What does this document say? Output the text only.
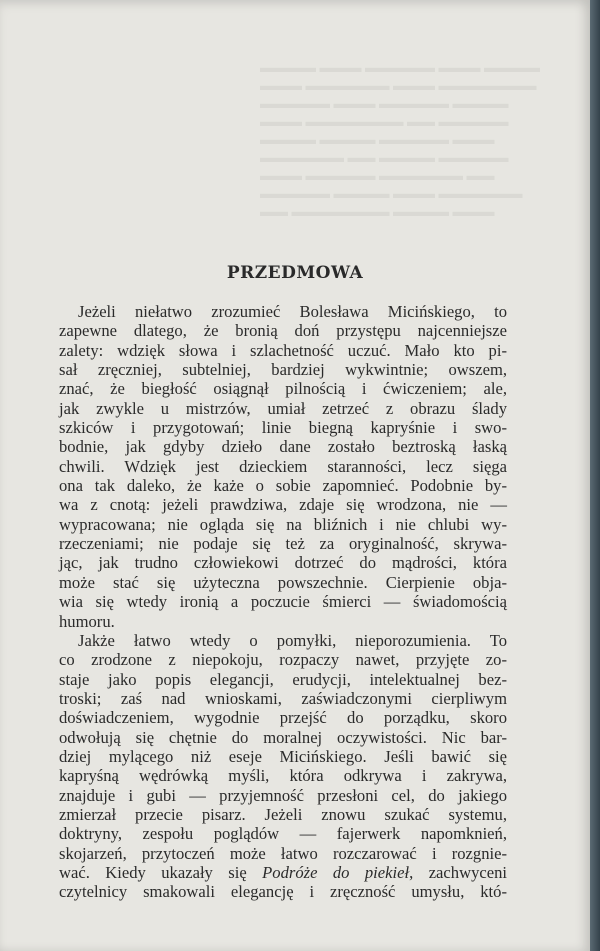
▬▬▬▬ ▬▬▬ ▬▬▬▬▬ ▬▬▬ ▬▬▬▬
▬▬▬ ▬▬▬▬▬▬ ▬▬▬ ▬▬▬▬▬▬▬
▬▬▬▬▬ ▬▬▬ ▬▬▬▬▬ ▬▬▬▬
▬▬▬ ▬▬▬▬▬▬▬ ▬▬ ▬▬▬▬▬
▬▬▬▬ ▬▬▬▬ ▬▬▬▬▬ ▬▬▬
▬▬▬▬▬▬ ▬▬ ▬▬▬▬ ▬▬▬▬▬
▬▬▬ ▬▬▬▬▬ ▬▬▬▬▬▬ ▬▬
▬▬▬▬▬ ▬▬▬▬ ▬▬▬ ▬▬▬▬▬▬
▬▬ ▬▬▬▬▬▬▬ ▬▬▬▬ ▬▬▬
PRZEDMOWA

Jeżeli niełatwo zrozumieć Bolesława Micińskiego, to

zapewne dlatego, że bronią doń przystępu najcenniejsze

zalety: wdzięk słowa i szlachetność uczuć. Mało kto pi-

sał zręczniej, subtelniej, bardziej wykwintnie; owszem,

znać, że biegłość osiągnął pilnością i ćwiczeniem; ale,

jak zwykle u mistrzów, umiał zetrzeć z obrazu ślady

szkiców i przygotowań; linie biegną kapryśnie i swo-

bodnie, jak gdyby dzieło dane zostało beztroską łaską

chwili. Wdzięk jest dzieckiem staranności, lecz sięga

ona tak daleko, że każe o sobie zapomnieć. Podobnie by-

wa z cnotą: jeżeli prawdziwa, zdaje się wrodzona, nie —

wypracowana; nie ogląda się na bliźnich i nie chlubi wy-

rzeczeniami; nie podaje się też za oryginalność, skrywa-

jąc, jak trudno człowiekowi dotrzeć do mądrości, która

może stać się użyteczna powszechnie. Cierpienie obja-

wia się wtedy ironią a poczucie śmierci — świadomością

humoru.

Jakże łatwo wtedy o pomyłki, nieporozumienia. To

co zrodzone z niepokoju, rozpaczy nawet, przyjęte zo-

staje jako popis elegancji, erudycji, intelektualnej bez-

troski; zaś nad wnioskami, zaświadczonymi cierpliwym

doświadczeniem, wygodnie przejść do porządku, skoro

odwołują się chętnie do moralnej oczywistości. Nic bar-

dziej mylącego niż eseje Micińskiego. Jeśli bawić się

kapryśną wędrówką myśli, która odkrywa i zakrywa,

znajduje i gubi — przyjemność przesłoni cel, do jakiego

zmierzał przecie pisarz. Jeżeli znowu szukać systemu,

doktryny, zespołu poglądów — fajerwerk napomknień,

skojarzeń, przytoczeń może łatwo rozczarować i rozgnie-

wać. Kiedy ukazały się Podróże do piekieł, zachwyceni

czytelnicy smakowali elegancję i zręczność umysłu, któ-
